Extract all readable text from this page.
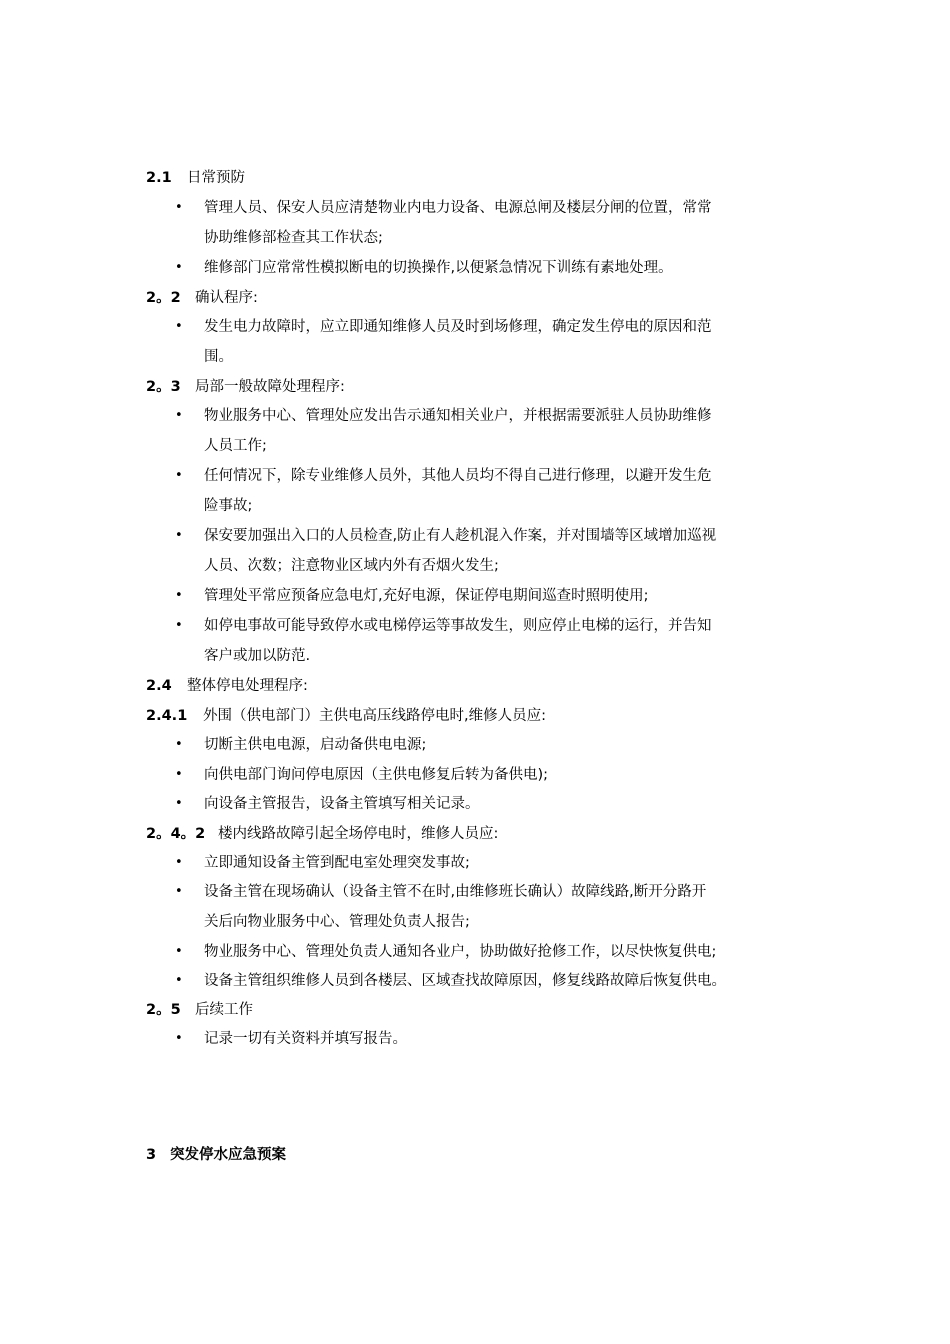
2.1 日常预防
• 管理人员、保安人员应清楚物业内电力设备、电源总闸及楼层分闸的位置，常常
协助维修部检查其工作状态;
• 维修部门应常常性模拟断电的切换操作,以便紧急情况下训练有素地处理。
2。2 确认程序:
• 发生电力故障时，应立即通知维修人员及时到场修理，确定发生停电的原因和范
围。
2。3 局部一般故障处理程序:
• 物业服务中心、管理处应发出告示通知相关业户，并根据需要派驻人员协助维修
人员工作;
• 任何情况下，除专业维修人员外，其他人员均不得自己进行修理，以避开发生危
险事故;
• 保安要加强出入口的人员检查,防止有人趁机混入作案，并对围墙等区域增加巡视
人员、次数；注意物业区域内外有否烟火发生;
• 管理处平常应预备应急电灯,充好电源，保证停电期间巡查时照明使用;
• 如停电事故可能导致停水或电梯停运等事故发生，则应停止电梯的运行，并告知
客户或加以防范.
2.4 整体停电处理程序:
2.4.1 外围（供电部门）主供电高压线路停电时,维修人员应:
• 切断主供电电源，启动备供电电源;
• 向供电部门询问停电原因（主供电修复后转为备供电);
• 向设备主管报告，设备主管填写相关记录。
2。4。2 楼内线路故障引起全场停电时，维修人员应:
• 立即通知设备主管到配电室处理突发事故;
• 设备主管在现场确认（设备主管不在时,由维修班长确认）故障线路,断开分路开
关后向物业服务中心、管理处负责人报告;
• 物业服务中心、管理处负责人通知各业户，协助做好抢修工作，以尽快恢复供电;
• 设备主管组织维修人员到各楼层、区域查找故障原因，修复线路故障后恢复供电。
2。5 后续工作
• 记录一切有关资料并填写报告。
3 突发停水应急预案
